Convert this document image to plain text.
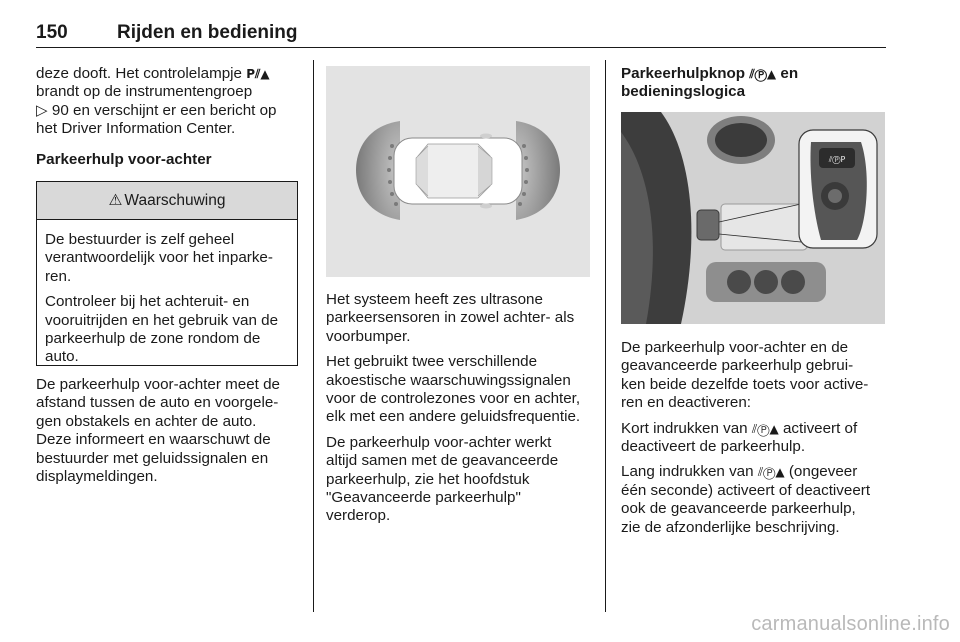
150	Rijden en bediening
deze dooft. Het controlelampje P⫽▲
brandt op de instrumentengroep
▷ 90 en verschijnt er een bericht op
het Driver Information Center.
Parkeerhulp voor-achter
⚠ Waarschuwing

De bestuurder is zelf geheel
verantwoordelijk voor het inparke-
ren.

Controleer bij het achteruit- en
vooruitrijden en het gebruik van de
parkeerhulp de zone rondom de
auto.

De parkeerhulp voor-achter meet de
afstand tussen de auto en voorgele-
gen obstakels en achter de auto.
Deze informeert en waarschuwt de
bestuurder met geluidssignalen en
displaymeldingen.

Het systeem heeft zes ultrasone
parkeersensoren in zowel achter- als
voorbumper.

Het gebruikt twee verschillende
akoestische waarschuwingssignalen
voor de controlezones voor en achter,
elk met een andere geluidsfrequentie.

De parkeerhulp voor-achter werkt
altijd samen met de geavanceerde
parkeerhulp, zie het hoofdstuk
"Geavanceerde parkeerhulp"
verderop.

Parkeerhulpknop ⫽Ⓟ▲ en
bedieningslogica
⫽ⓅP

De parkeerhulp voor-achter en de
geavanceerde parkeerhulp gebrui-
ken beide dezelfde toets voor active-
ren en deactiveren:

Kort indrukken van ⫽Ⓟ▲ activeert of
deactiveert de parkeerhulp.

Lang indrukken van ⫽Ⓟ▲ (ongeveer
één seconde) activeert of deactiveert
ook de geavanceerde parkeerhulp,
zie de afzonderlijke beschrijving.

carmanualsonline.info
